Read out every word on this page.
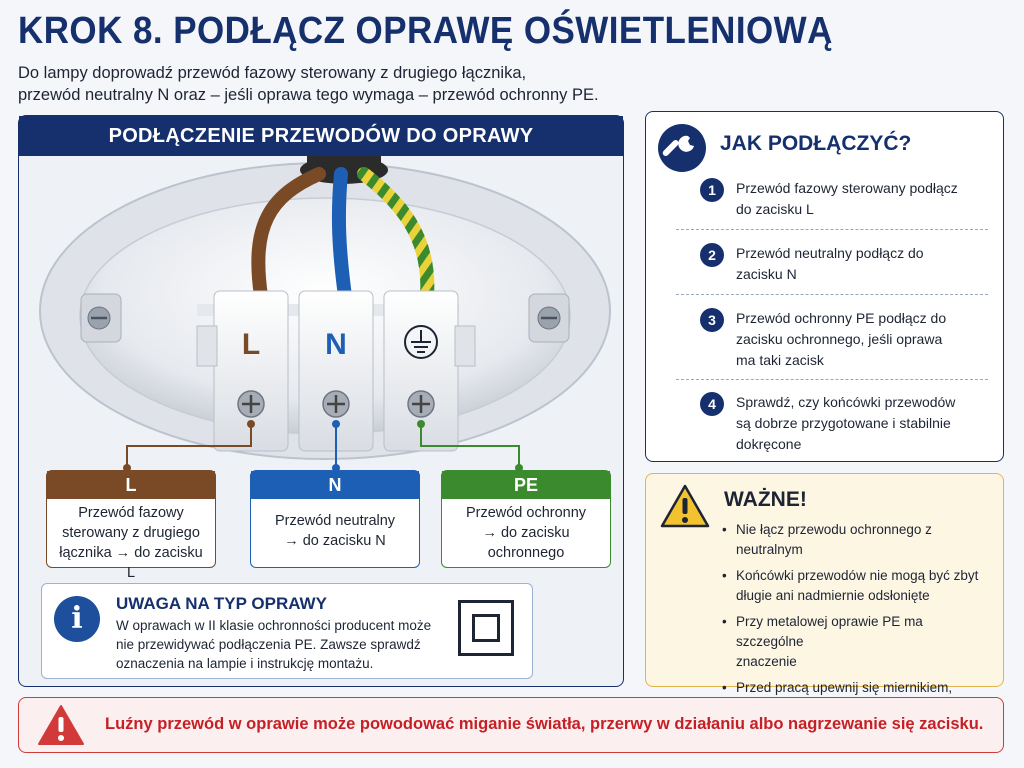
KROK 8. PODŁĄCZ OPRAWĘ OŚWIETLENIOWĄ
Do lampy doprowadź przewód fazowy sterowany z drugiego łącznika,
przewód neutralny N oraz – jeśli oprawa tego wymaga – przewód ochronny PE.
PODŁĄCZENIE PRZEWODÓW DO OPRAWY
L N
L
Przewód fazowy
sterowany z drugiego
łącznika → do zacisku L
N
Przewód neutralny
→ do zacisku N
PE
Przewód ochronny
→ do zacisku
ochronnego
i	UWAGA NA TYP OPRAWY
W oprawach w II klasie ochronności producent może
nie przewidywać podłączenia PE. Zawsze sprawdź
oznaczenia na lampie i instrukcję montażu.
JAK PODŁĄCZYĆ?
1	Przewód fazowy sterowany podłącz
do zacisku L
2	Przewód neutralny podłącz do
zacisku N
3	Przewód ochronny PE podłącz do
zacisku ochronnego, jeśli oprawa
ma taki zacisk
4	Sprawdź, czy końcówki przewodów
są dobrze przygotowane i stabilnie
dokręcone
WAŻNE!
• Nie łącz przewodu ochronnego z neutralnym
• Końcówki przewodów nie mogą być zbyt
długie ani nadmiernie odsłonięte
• Przy metalowej oprawie PE ma szczególne
znaczenie
• Przed pracą upewnij się miernikiem,
Luźny przewód w oprawie może powodować miganie światła, przerwy w działaniu albo nagrzewanie się zacisku.
